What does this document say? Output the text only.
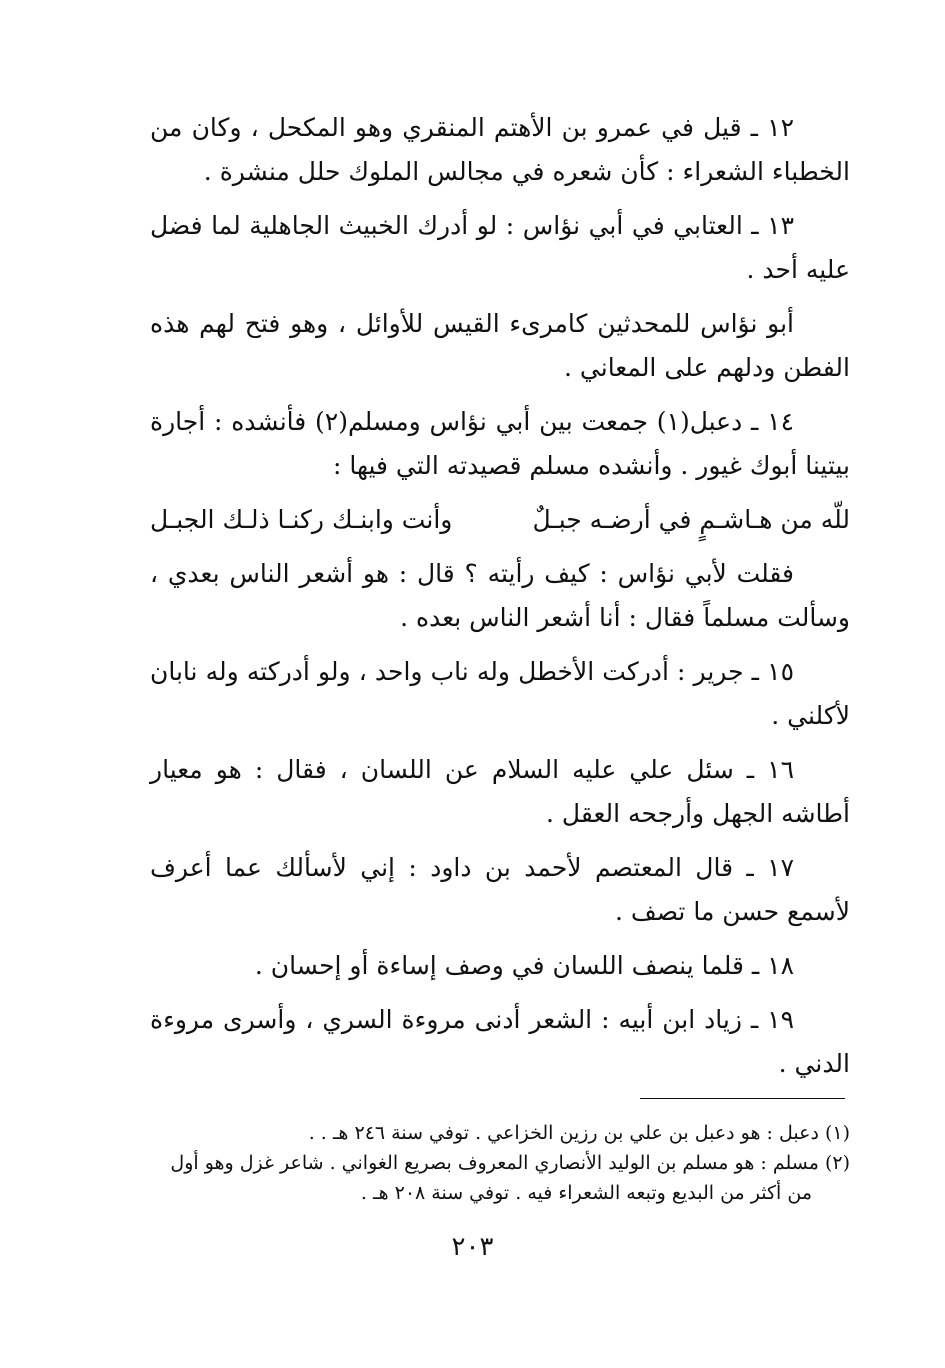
١٢ ـ قيل في عمرو بن الأهتم المنقري وهو المكحل ، وكان من الخطباء الشعراء : كأن شعره في مجالس الملوك حلل منشرة .

١٣ ـ العتابي في أبي نؤاس : لو أدرك الخبيث الجاهلية لما فضل عليه أحد .

أبو نؤاس للمحدثين كامرىء القيس للأوائل ، وهو فتح لهم هذه الفطن ودلهم على المعاني .

١٤ ـ دعبل(١) جمعت بين أبي نؤاس ومسلم(٢) فأنشده : أجارة بيتينا أبوك غيور . وأنشده مسلم قصيدته التي فيها :

للّه من هـاشـمٍ في أرضـه جبـلٌ
وأنت وابنـك ركنـا ذلـك الجبـل

فقلت لأبي نؤاس : كيف رأيته ؟ قال : هو أشعر الناس بعدي ، وسألت مسلماً فقال : أنا أشعر الناس بعده .

١٥ ـ جرير : أدركت الأخطل وله ناب واحد ، ولو أدركته وله نابان لأكلني .

١٦ ـ سئل علي عليه السلام عن اللسان ، فقال : هو معيار أطاشه الجهل وأرجحه العقل .

١٧ ـ قال المعتصم لأحمد بن داود : إني لأسألك عما أعرف لأسمع حسن ما تصف .

١٨ ـ قلما ينصف اللسان في وصف إساءة أو إحسان .

١٩ ـ زياد ابن أبيه : الشعر أدنى مروءة السري ، وأسرى مروءة الدني .

(١) دعبل : هو دعبل بن علي بن رزين الخزاعي . توفي سنة ٢٤٦ هـ . .

(٢) مسلم : هو مسلم بن الوليد الأنصاري المعروف بصريع الغواني . شاعر غزل وهو أول

من أكثر من البديع وتبعه الشعراء فيه . توفي سنة ٢٠٨ هـ .

٢٠٣
